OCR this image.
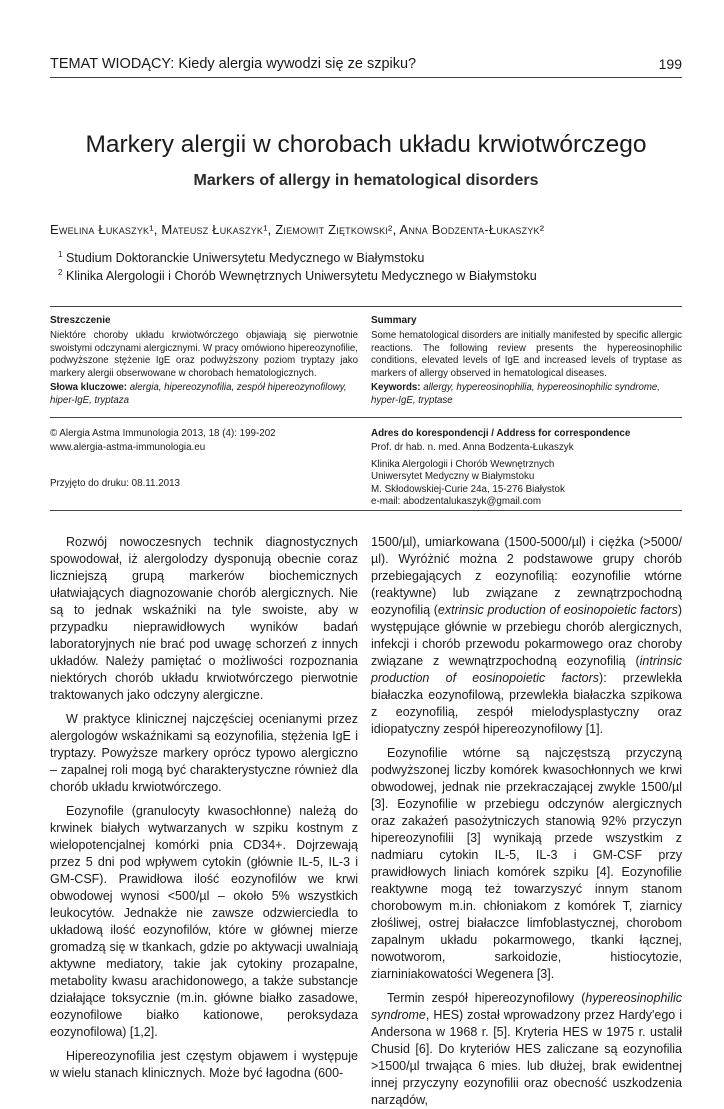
TEMAT WIODĄCY: Kiedy alergia wywodzi się ze szpiku?	199
Markery alergii w chorobach układu krwiotwórczego
Markers of allergy in hematological disorders
Ewelina Łukaszyk¹, Mateusz Łukaszyk¹, Ziemowit Ziętkowski², Anna Bodzenta-Łukaszyk²
$^1$ Studium Doktoranckie Uniwersytetu Medycznego w Białymstoku
$^2$ Klinika Alergologii i Chorób Wewnętrznych Uniwersytetu Medycznego w Białymstoku
Streszczenie
Niektóre choroby układu krwiotwórczego objawiają się pierwotnie swoistymi odczynami alergicznymi. W pracy omówiono hipereozynofilie, podwyższone stężenie IgE oraz podwyższony poziom tryptazy jako markery alergii obserwowane w chorobach hematologicznych.
Słowa kluczowe: alergia, hipereozynofilia, zespół hipereozynofilowy, hiper-IgE, tryptaza
Summary
Some hematological disorders are initially manifested by specific allergic reactions. The following review presents the hypereosinophilic conditions, elevated levels of IgE and increased levels of tryptase as markers of allergy observed in hematological diseases.
Keywords: allergy, hypereosinophilia, hypereosinophilic syndrome, hyper-IgE, tryptase
© Alergia Astma Immunologia 2013, 18 (4): 199-202
www.alergia-astma-immunologia.eu
Przyjęto do druku: 08.11.2013
Adres do korespondencji / Address for correspondence
Prof. dr hab. n. med. Anna Bodzenta-Łukaszyk
Klinika Alergologii i Chorób Wewnętrznych
Uniwersytet Medyczny w Białymstoku
M. Skłodowskiej-Curie 24a, 15-276 Białystok
e-mail: abodzentalukaszyk@gmail.com

Rozwój nowoczesnych technik diagnostycznych spowodował, iż alergolodzy dysponują obecnie coraz liczniejszą grupą markerów biochemicznych ułatwiających diagnozowanie chorób alergicznych. Nie są to jednak wskaźniki na tyle swoiste, aby w przypadku nieprawidłowych wyników badań laboratoryjnych nie brać pod uwagę schorzeń z innych układów. Należy pamiętać o możliwości rozpoznania niektórych chorób układu krwiotwórczego pierwotnie traktowanych jako odczyny alergiczne.

W praktyce klinicznej najczęściej ocenianymi przez alergologów wskaźnikami są eozynofilia, stężenia IgE i tryptazy. Powyższe markery oprócz typowo alergiczno – zapalnej roli mogą być charakterystyczne również dla chorób układu krwiotwórczego.

Eozynofile (granulocyty kwasochłonne) należą do krwinek białych wytwarzanych w szpiku kostnym z wielopotencjalnej komórki pnia CD34+. Dojrzewają przez 5 dni pod wpływem cytokin (głównie IL-5, IL-3 i GM-CSF). Prawidłowa ilość eozynofilów we krwi obwodowej wynosi <500/µl – około 5% wszystkich leukocytów. Jednakże nie zawsze odzwierciedla to układową ilość eozynofilów, które w głównej mierze gromadzą się w tkankach, gdzie po aktywacji uwalniają aktywne mediatory, takie jak cytokiny prozapalne, metabolity kwasu arachidonowego, a także substancje działające toksycznie (m.in. główne białko zasadowe, eozynofilowe białko kationowe, peroksydaza eozynofilowa) [1,2].

Hipereozynofilia jest częstym objawem i występuje w wielu stanach klinicznych. Może być łagodna (600-

1500/µl), umiarkowana (1500-5000/µl) i ciężka (>5000/µl). Wyróżnić można 2 podstawowe grupy chorób przebiegających z eozynofilią: eozynofilie wtórne (reaktywne) lub związane z zewnątrzpochodną eozynofilią (extrinsic production of eosinopoietic factors) występujące głównie w przebiegu chorób alergicznych, infekcji i chorób przewodu pokarmowego oraz choroby związane z wewnątrzpochodną eozynofilią (intrinsic production of eosinopoietic factors): przewlekła białaczka eozynofilową, przewlekła białaczka szpikowa z eozynofilią, zespół mielodysplastyczny oraz idiopatyczny zespół hipereozynofilowy [1].

Eozynofilie wtórne są najczęstszą przyczyną podwyższonej liczby komórek kwasochłonnych we krwi obwodowej, jednak nie przekraczającej zwykle 1500/µl [3]. Eozynofilie w przebiegu odczynów alergicznych oraz zakażeń pasożytniczych stanowią 92% przyczyn hipereozynofilii [3] wynikają przede wszystkim z nadmiaru cytokin IL-5, IL-3 i GM-CSF przy prawidłowych liniach komórek szpiku [4]. Eozynofilie reaktywne mogą też towarzyszyć innym stanom chorobowym m.in. chłoniakom z komórek T, ziarnicy złośliwej, ostrej białaczce limfoblastycznej, chorobom zapalnym układu pokarmowego, tkanki łącznej, nowotworom, sarkoidozie, histiocytozie, ziarniniakowatości Wegenera [3].

Termin zespół hipereozynofilowy (hypereosinophilic syndrome, HES) został wprowadzony przez Hardy'ego i Andersona w 1968 r. [5]. Kryteria HES w 1975 r. ustalił Chusid [6]. Do kryteriów HES zaliczane są eozynofilia >1500/µl trwająca 6 mies. lub dłużej, brak ewidentnej innej przyczyny eozynofilii oraz obecność uszkodzenia narządów,
